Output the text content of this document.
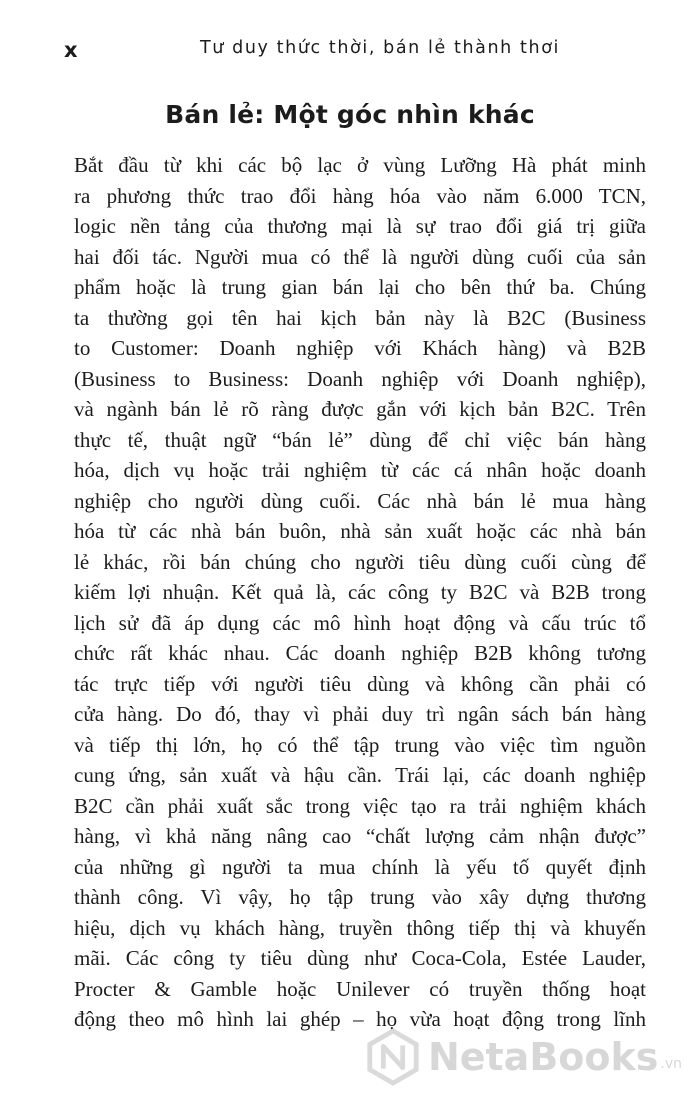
x	Tư duy thức thời, bán lẻ thành thơi
Bán lẻ: Một góc nhìn khác
Bắt đầu từ khi các bộ lạc ở vùng Lưỡng Hà phát minh
ra phương thức trao đổi hàng hóa vào năm 6.000 TCN,
logic nền tảng của thương mại là sự trao đổi giá trị giữa
hai đối tác. Người mua có thể là người dùng cuối của sản
phẩm hoặc là trung gian bán lại cho bên thứ ba. Chúng
ta thường gọi tên hai kịch bản này là B2C (Business
to Customer: Doanh nghiệp với Khách hàng) và B2B
(Business to Business: Doanh nghiệp với Doanh nghiệp),
và ngành bán lẻ rõ ràng được gắn với kịch bản B2C. Trên
thực tế, thuật ngữ “bán lẻ” dùng để chỉ việc bán hàng
hóa, dịch vụ hoặc trải nghiệm từ các cá nhân hoặc doanh
nghiệp cho người dùng cuối. Các nhà bán lẻ mua hàng
hóa từ các nhà bán buôn, nhà sản xuất hoặc các nhà bán
lẻ khác, rồi bán chúng cho người tiêu dùng cuối cùng để
kiếm lợi nhuận. Kết quả là, các công ty B2C và B2B trong
lịch sử đã áp dụng các mô hình hoạt động và cấu trúc tổ
chức rất khác nhau. Các doanh nghiệp B2B không tương
tác trực tiếp với người tiêu dùng và không cần phải có
cửa hàng. Do đó, thay vì phải duy trì ngân sách bán hàng
và tiếp thị lớn, họ có thể tập trung vào việc tìm nguồn
cung ứng, sản xuất và hậu cần. Trái lại, các doanh nghiệp
B2C cần phải xuất sắc trong việc tạo ra trải nghiệm khách
hàng, vì khả năng nâng cao “chất lượng cảm nhận được”
của những gì người ta mua chính là yếu tố quyết định
thành công. Vì vậy, họ tập trung vào xây dựng thương
hiệu, dịch vụ khách hàng, truyền thông tiếp thị và khuyến
mãi. Các công ty tiêu dùng như Coca-Cola, Estée Lauder,
Procter & Gamble hoặc Unilever có truyền thống hoạt
động theo mô hình lai ghép – họ vừa hoạt động trong lĩnh
NetaBooks .vn
